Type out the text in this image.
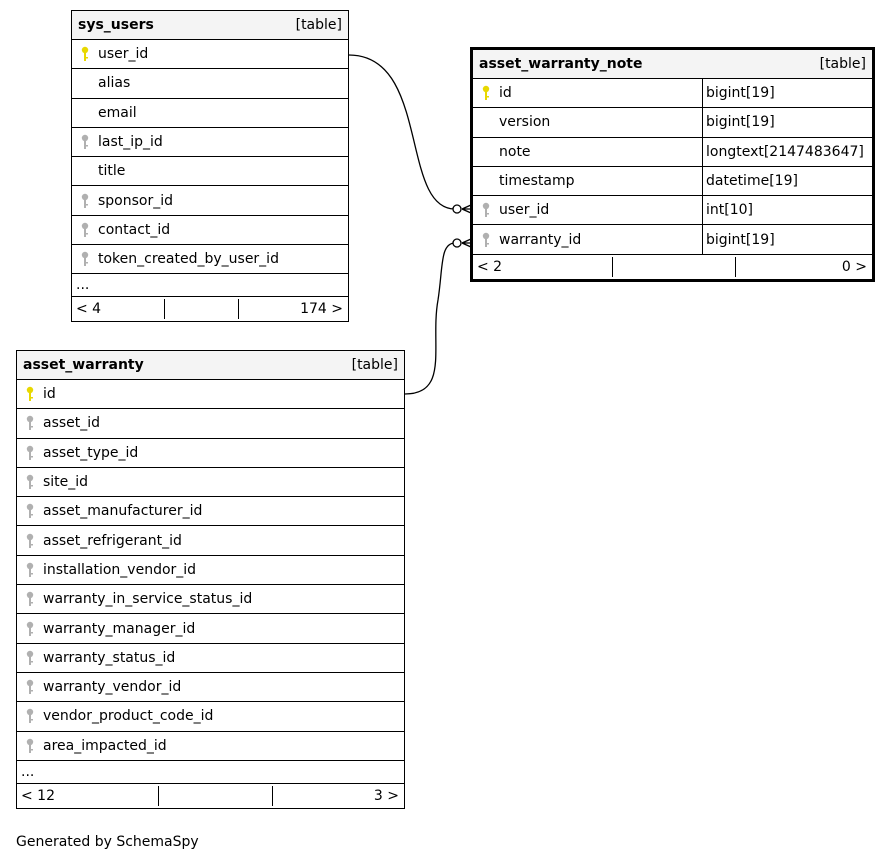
sys_users	[table]
user_id
alias
email
last_ip_id
title
sponsor_id
contact_id
token_created_by_user_id
...
< 4	174 >
asset_warranty_note	[table]
id	bigint[19]
version	bigint[19]
note	longtext[2147483647]
timestamp	datetime[19]
user_id	int[10]
warranty_id	bigint[19]
< 2	0 >
asset_warranty	[table]
id
asset_id
asset_type_id
site_id
asset_manufacturer_id
asset_refrigerant_id
installation_vendor_id
warranty_in_service_status_id
warranty_manager_id
warranty_status_id
warranty_vendor_id
vendor_product_code_id
area_impacted_id
...
< 12	3 >
Generated by SchemaSpy
